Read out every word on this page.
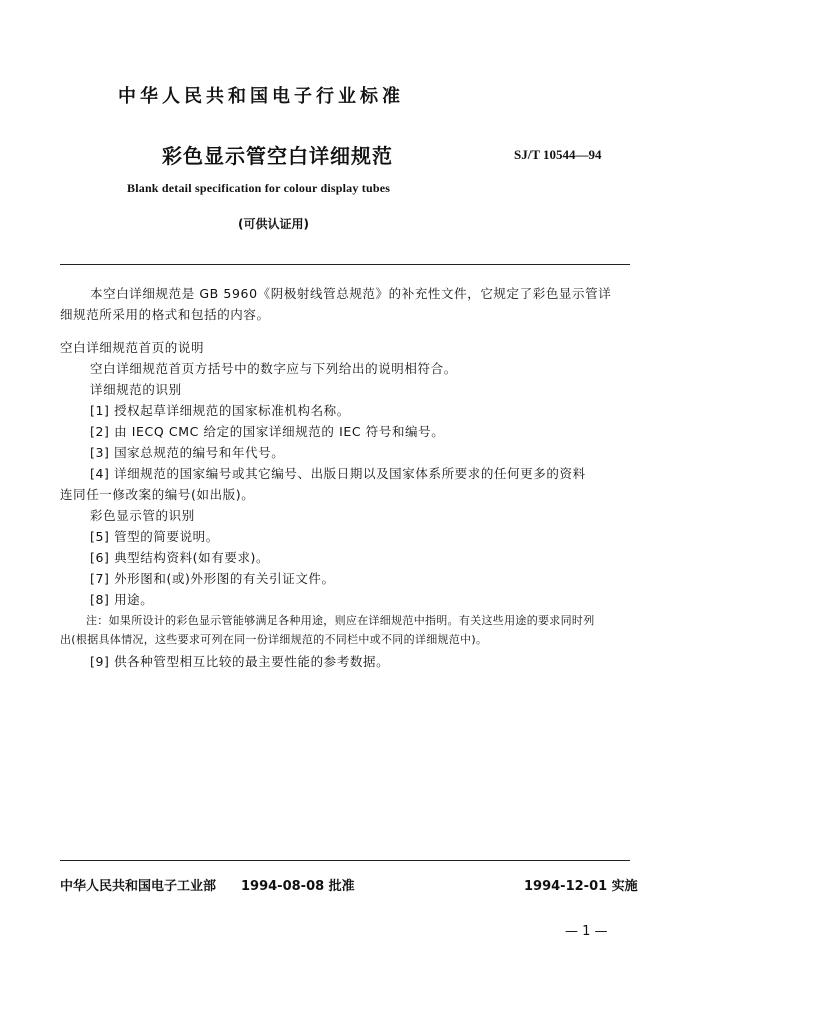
中华人民共和国电子行业标准
彩色显示管空白详细规范	SJ/T 10544—94
Blank detail specification for colour display tubes
(可供认证用)
本空白详细规范是 GB 5960《阴极射线管总规范》的补充性文件，它规定了彩色显示管详
细规范所采用的格式和包括的内容。
空白详细规范首页的说明
空白详细规范首页方括号中的数字应与下列给出的说明相符合。
详细规范的识别
[1] 授权起草详细规范的国家标准机构名称。
[2] 由 IECQ CMC 给定的国家详细规范的 IEC 符号和编号。
[3] 国家总规范的编号和年代号。
[4] 详细规范的国家编号或其它编号、出版日期以及国家体系所要求的任何更多的资料
连同任一修改案的编号(如出版)。
彩色显示管的识别
[5] 管型的简要说明。
[6] 典型结构资料(如有要求)。
[7] 外形图和(或)外形图的有关引证文件。
[8] 用途。
注：如果所设计的彩色显示管能够满足各种用途，则应在详细规范中指明。有关这些用途的要求同时列
出(根据具体情况，这些要求可列在同一份详细规范的不同栏中或不同的详细规范中)。
[9] 供各种管型相互比较的最主要性能的参考数据。
中华人民共和国电子工业部 1994-08-08 批准	1994-12-01 实施
— 1 —
